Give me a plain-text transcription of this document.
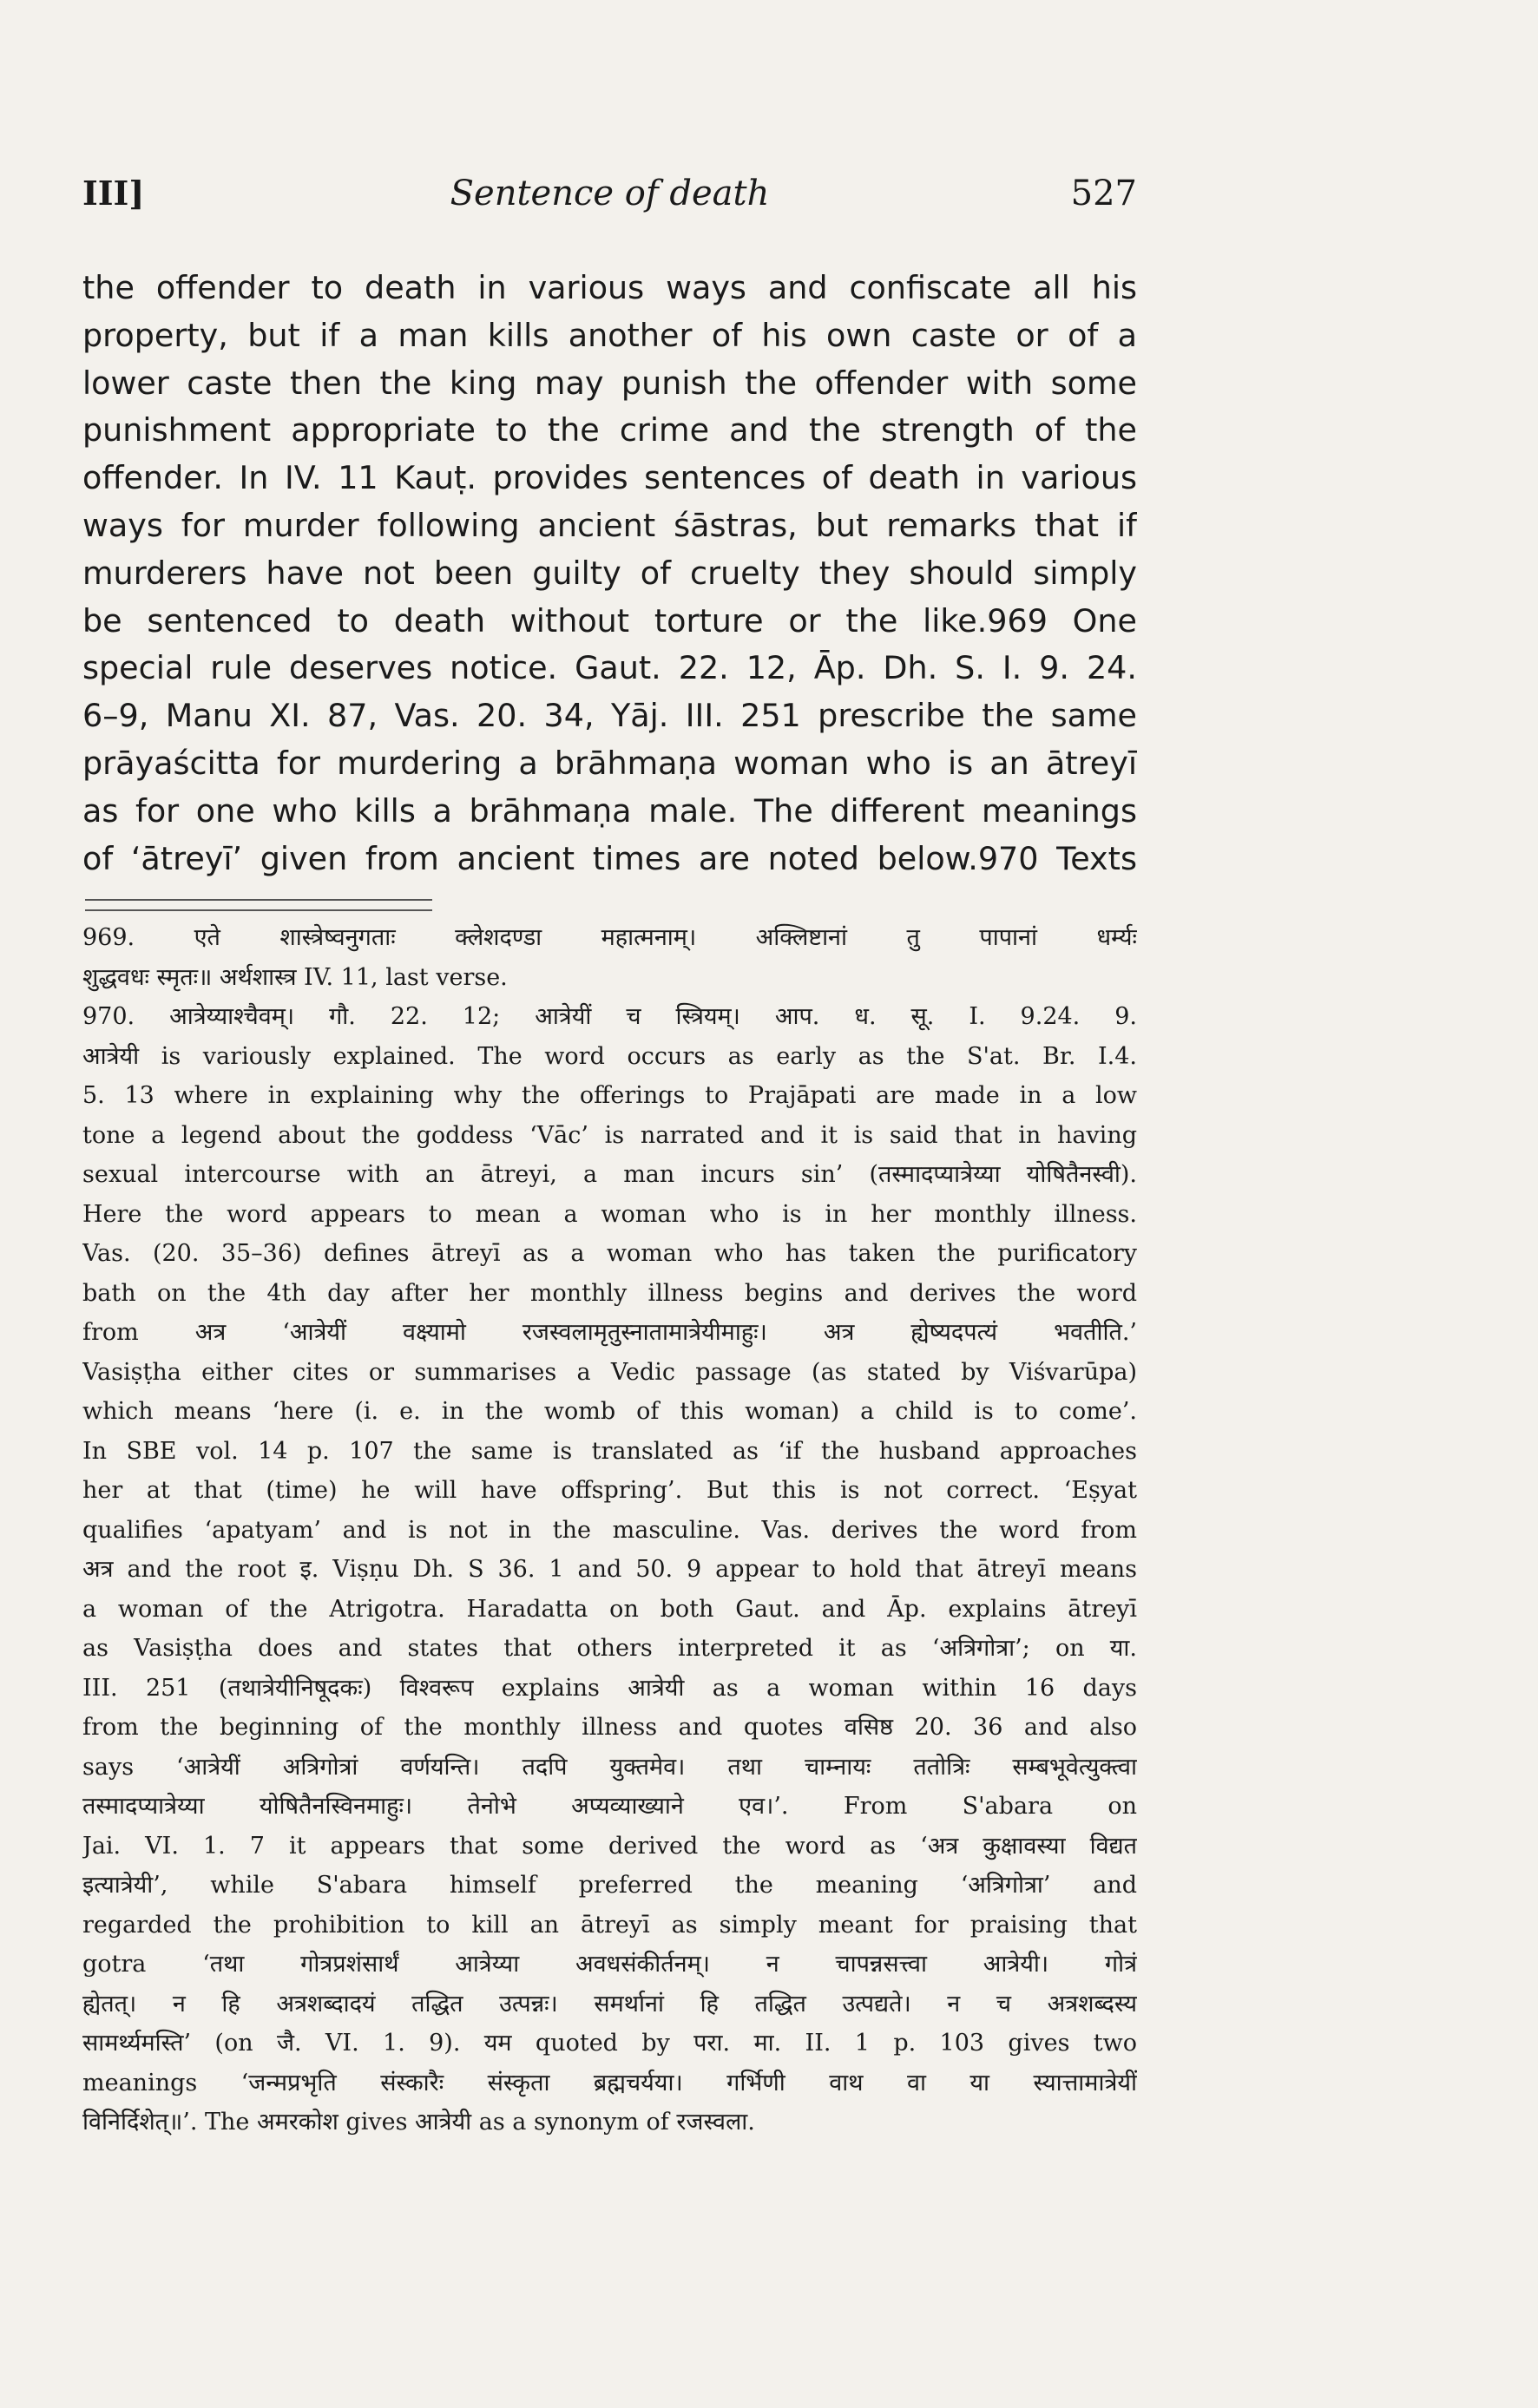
III]	Sentence of death	527
the offender to death in various ways and confiscate all his
property, but if a man kills another of his own caste or of a
lower caste then the king may punish the offender with some
punishment appropriate to the crime and the strength of the
offender. In IV. 11 Kauṭ. provides sentences of death in various
ways for murder following ancient śāstras, but remarks that if
murderers have not been guilty of cruelty they should simply
be sentenced to death without torture or the like.969 One
special rule deserves notice. Gaut. 22. 12, Āp. Dh. S. I. 9. 24.
6–9, Manu XI. 87, Vas. 20. 34, Yāj. III. 251 prescribe the same
prāyaścitta for murdering a brāhmaṇa woman who is an ātreyī
as for one who kills a brāhmaṇa male. The different meanings
of ‘ātreyī’ given from ancient times are noted below.970 Texts
969. एते शास्त्रेष्वनुगताः क्लेशदण्डा महात्मनाम्। अक्लिष्टानां तु पापानां धर्म्यः
शुद्धवधः स्मृतः॥ अर्थशास्त्र IV. 11, last verse.
970. आत्रेय्याश्चैवम्। गौ. 22. 12; आत्रेयीं च स्त्रियम्। आप. ध. सू. I. 9.24. 9.
आत्रेयी is variously explained. The word occurs as early as the S'at. Br. I.4.
5. 13 where in explaining why the offerings to Prajāpati are made in a low
tone a legend about the goddess ‘Vāc’ is narrated and it is said that in having
sexual intercourse with an ātreyi, a man incurs sin’ (तस्मादप्यात्रेय्या योषितैनस्वी).
Here the word appears to mean a woman who is in her monthly illness.
Vas. (20. 35–36) defines ātreyī as a woman who has taken the purificatory
bath on the 4th day after her monthly illness begins and derives the word
from अत्र ‘आत्रेयीं वक्ष्यामो रजस्वलामृतुस्नातामात्रेयीमाहुः। अत्र ह्येष्यदपत्यं भवतीति.’
Vasiṣṭha either cites or summarises a Vedic passage (as stated by Viśvarūpa)
which means ‘here (i. e. in the womb of this woman) a child is to come’.
In SBE vol. 14 p. 107 the same is translated as ‘if the husband approaches
her at that (time) he will have offspring’. But this is not correct. ‘Eṣyat
qualifies ‘apatyam’ and is not in the masculine. Vas. derives the word from
अत्र and the root इ. Viṣṇu Dh. S 36. 1 and 50. 9 appear to hold that ātreyī means
a woman of the Atrigotra. Haradatta on both Gaut. and Āp. explains ātreyī
as Vasiṣṭha does and states that others interpreted it as ‘अत्रिगोत्रा’; on या.
III. 251 (तथात्रेयीनिषूदकः) विश्वरूप explains आत्रेयी as a woman within 16 days
from the beginning of the monthly illness and quotes वसिष्ठ 20. 36 and also
says ‘आत्रेयीं अत्रिगोत्रां वर्णयन्ति। तदपि युक्तमेव। तथा चाम्नायः ततोत्रिः सम्बभूवेत्युक्त्वा
तस्मादप्यात्रेय्या योषितैनस्विनमाहुः। तेनोभे अप्यव्याख्याने एव।’. From S'abara on
Jai. VI. 1. 7 it appears that some derived the word as ‘अत्र कुक्षावस्या विद्यत
इत्यात्रेयी’, while S'abara himself preferred the meaning ‘अत्रिगोत्रा’ and
regarded the prohibition to kill an ātreyī as simply meant for praising that
gotra ‘तथा गोत्रप्रशंसार्थं आत्रेय्या अवधसंकीर्तनम्। न चापन्नसत्त्वा आत्रेयी। गोत्रं
ह्येतत्। न हि अत्रशब्दादयं तद्धित उत्पन्नः। समर्थानां हि तद्धित उत्पद्यते। न च अत्रशब्दस्य
सामर्थ्यमस्ति’ (on जै. VI. 1. 9). यम quoted by परा. मा. II. 1 p. 103 gives two
meanings ‘जन्मप्रभृति संस्कारैः संस्कृता ब्रह्मचर्यया। गर्भिणी वाथ वा या स्यात्तामात्रेयीं
विनिर्दिशेत्॥’. The अमरकोश gives आत्रेयी as a synonym of रजस्वला.
